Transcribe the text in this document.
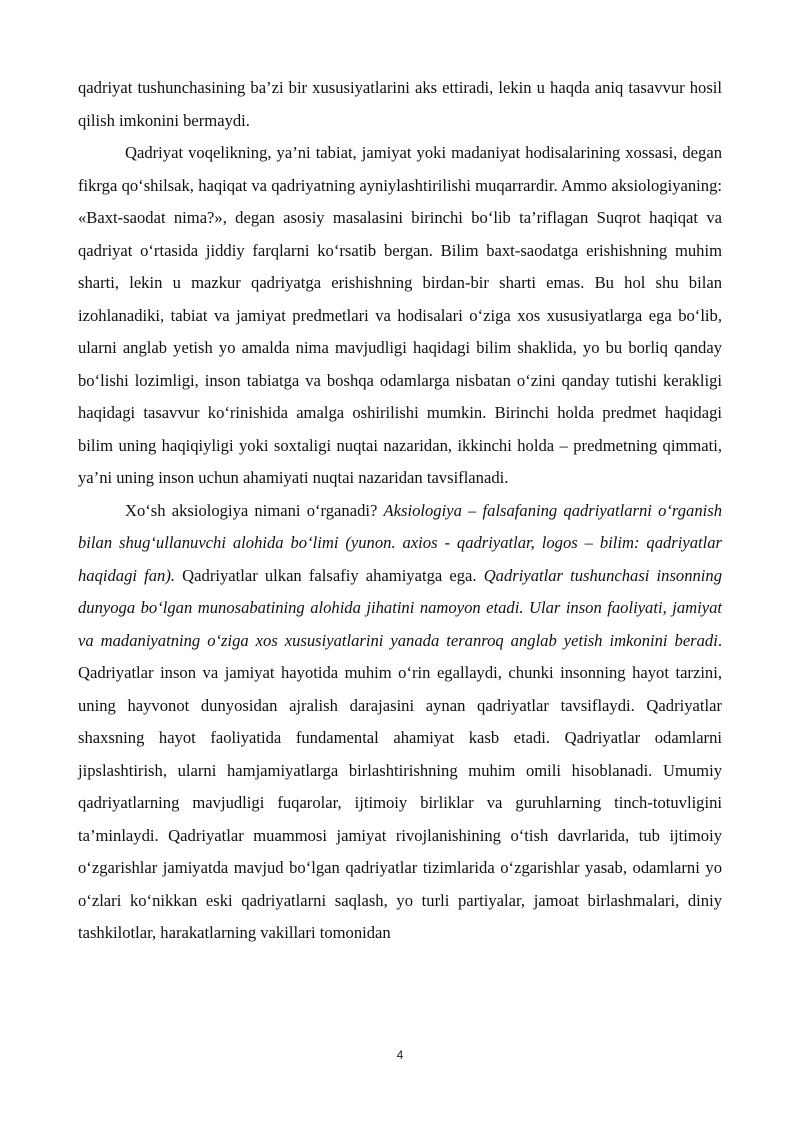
qadriyat tushunchasining ba’zi bir xususiyatlarini aks ettiradi, lekin u haqda aniq tasavvur hosil qilish imkonini bermaydi.

Qadriyat voqelikning, ya’ni tabiat, jamiyat yoki madaniyat hodisalarining xossasi, degan fikrga qo‘shilsak, haqiqat va qadriyatning ayniylashtirilishi muqarrardir. Ammo aksiologiyaning: «Baxt-saodat nima?», degan asosiy masalasini birinchi bo‘lib ta’riflagan Suqrot haqiqat va qadriyat o‘rtasida jiddiy farqlarni ko‘rsatib bergan. Bilim baxt-saodatga erishishning muhim sharti, lekin u mazkur qadriyatga erishishning birdan-bir sharti emas. Bu hol shu bilan izohlanadiki, tabiat va jamiyat predmetlari va hodisalari o‘ziga xos xususiyatlarga ega bo‘lib, ularni anglab yetish yo amalda nima mavjudligi haqidagi bilim shaklida, yo bu borliq qanday bo‘lishi lozimligi, inson tabiatga va boshqa odamlarga nisbatan o‘zini qanday tutishi kerakligi haqidagi tasavvur ko‘rinishida amalga oshirilishi mumkin. Birinchi holda predmet haqidagi bilim uning haqiqiyligi yoki soxtaligi nuqtai nazaridan, ikkinchi holda – predmetning qimmati, ya’ni uning inson uchun ahamiyati nuqtai nazaridan tavsiflanadi.

Xo‘sh aksiologiya nimani o‘rganadi? Aksiologiya – falsafaning qadriyatlarni o‘rganish bilan shug‘ullanuvchi alohida bo‘limi (yunon. axios - qadriyatlar, logos – bilim: qadriyatlar haqidagi fan). Qadriyatlar ulkan falsafiy ahamiyatga ega. Qadriyatlar tushunchasi insonning dunyoga bo‘lgan munosabatining alohida jihatini namoyon etadi. Ular inson faoliyati, jamiyat va madaniyatning o‘ziga xos xususiyatlarini yanada teranroq anglab yetish imkonini beradi. Qadriyatlar inson va jamiyat hayotida muhim o‘rin egallaydi, chunki insonning hayot tarzini, uning hayvonot dunyosidan ajralish darajasini aynan qadriyatlar tavsiflaydi. Qadriyatlar shaxsning hayot faoliyatida fundamental ahamiyat kasb etadi. Qadriyatlar odamlarni jipslashtirish, ularni hamjamiyatlarga birlashtirishning muhim omili hisoblanadi. Umumiy qadriyatlarning mavjudligi fuqarolar, ijtimoiy birliklar va guruhlarning tinch-totuvligini ta’minlaydi. Qadriyatlar muammosi jamiyat rivojlanishining o‘tish davrlarida, tub ijtimoiy o‘zgarishlar jamiyatda mavjud bo‘lgan qadriyatlar tizimlarida o‘zgarishlar yasab, odamlarni yo o‘zlari ko‘nikkan eski qadriyatlarni saqlash, yo turli partiyalar, jamoat birlashmalari, diniy tashkilotlar, harakatlarning vakillari tomonidan

4
